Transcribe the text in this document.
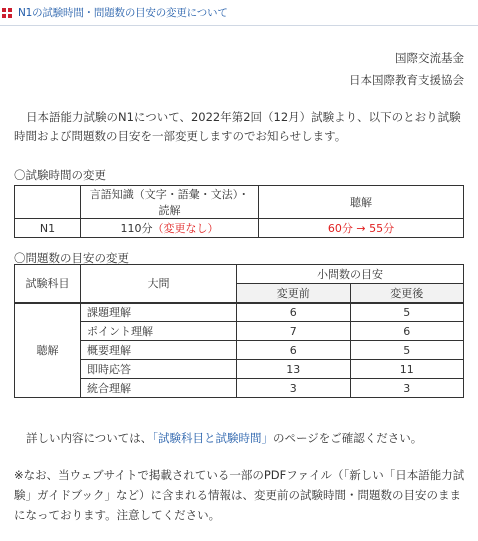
N1の試験時間・問題数の目安の変更について
国際交流基金
日本国際教育支援協会
日本語能力試験のN1について、2022年第2回（12月）試験より、以下のとおり試験時間および問題数の目安を一部変更しますのでお知らせします。
〇試験時間の変更
	言語知識（文字・語彙・文法）・読解	聴解
N1	110分（変更なし）	60分 → 55分
〇問題数の目安の変更
試験科目	大問	小問数の目安	
		変更前	変更後
聴解	課題理解	6	5
	ポイント理解	7	6
	概要理解	6	5
	即時応答	13	11
	統合理解	3	3
詳しい内容については、「試験科目と試験時間」のページをご確認ください。
※なお、当ウェブサイトで掲載されている一部のPDFファイル（「新しい「日本語能力試験」ガイドブック」など）に含まれる情報は、変更前の試験時間・問題数の目安のままになっております。注意してください。
